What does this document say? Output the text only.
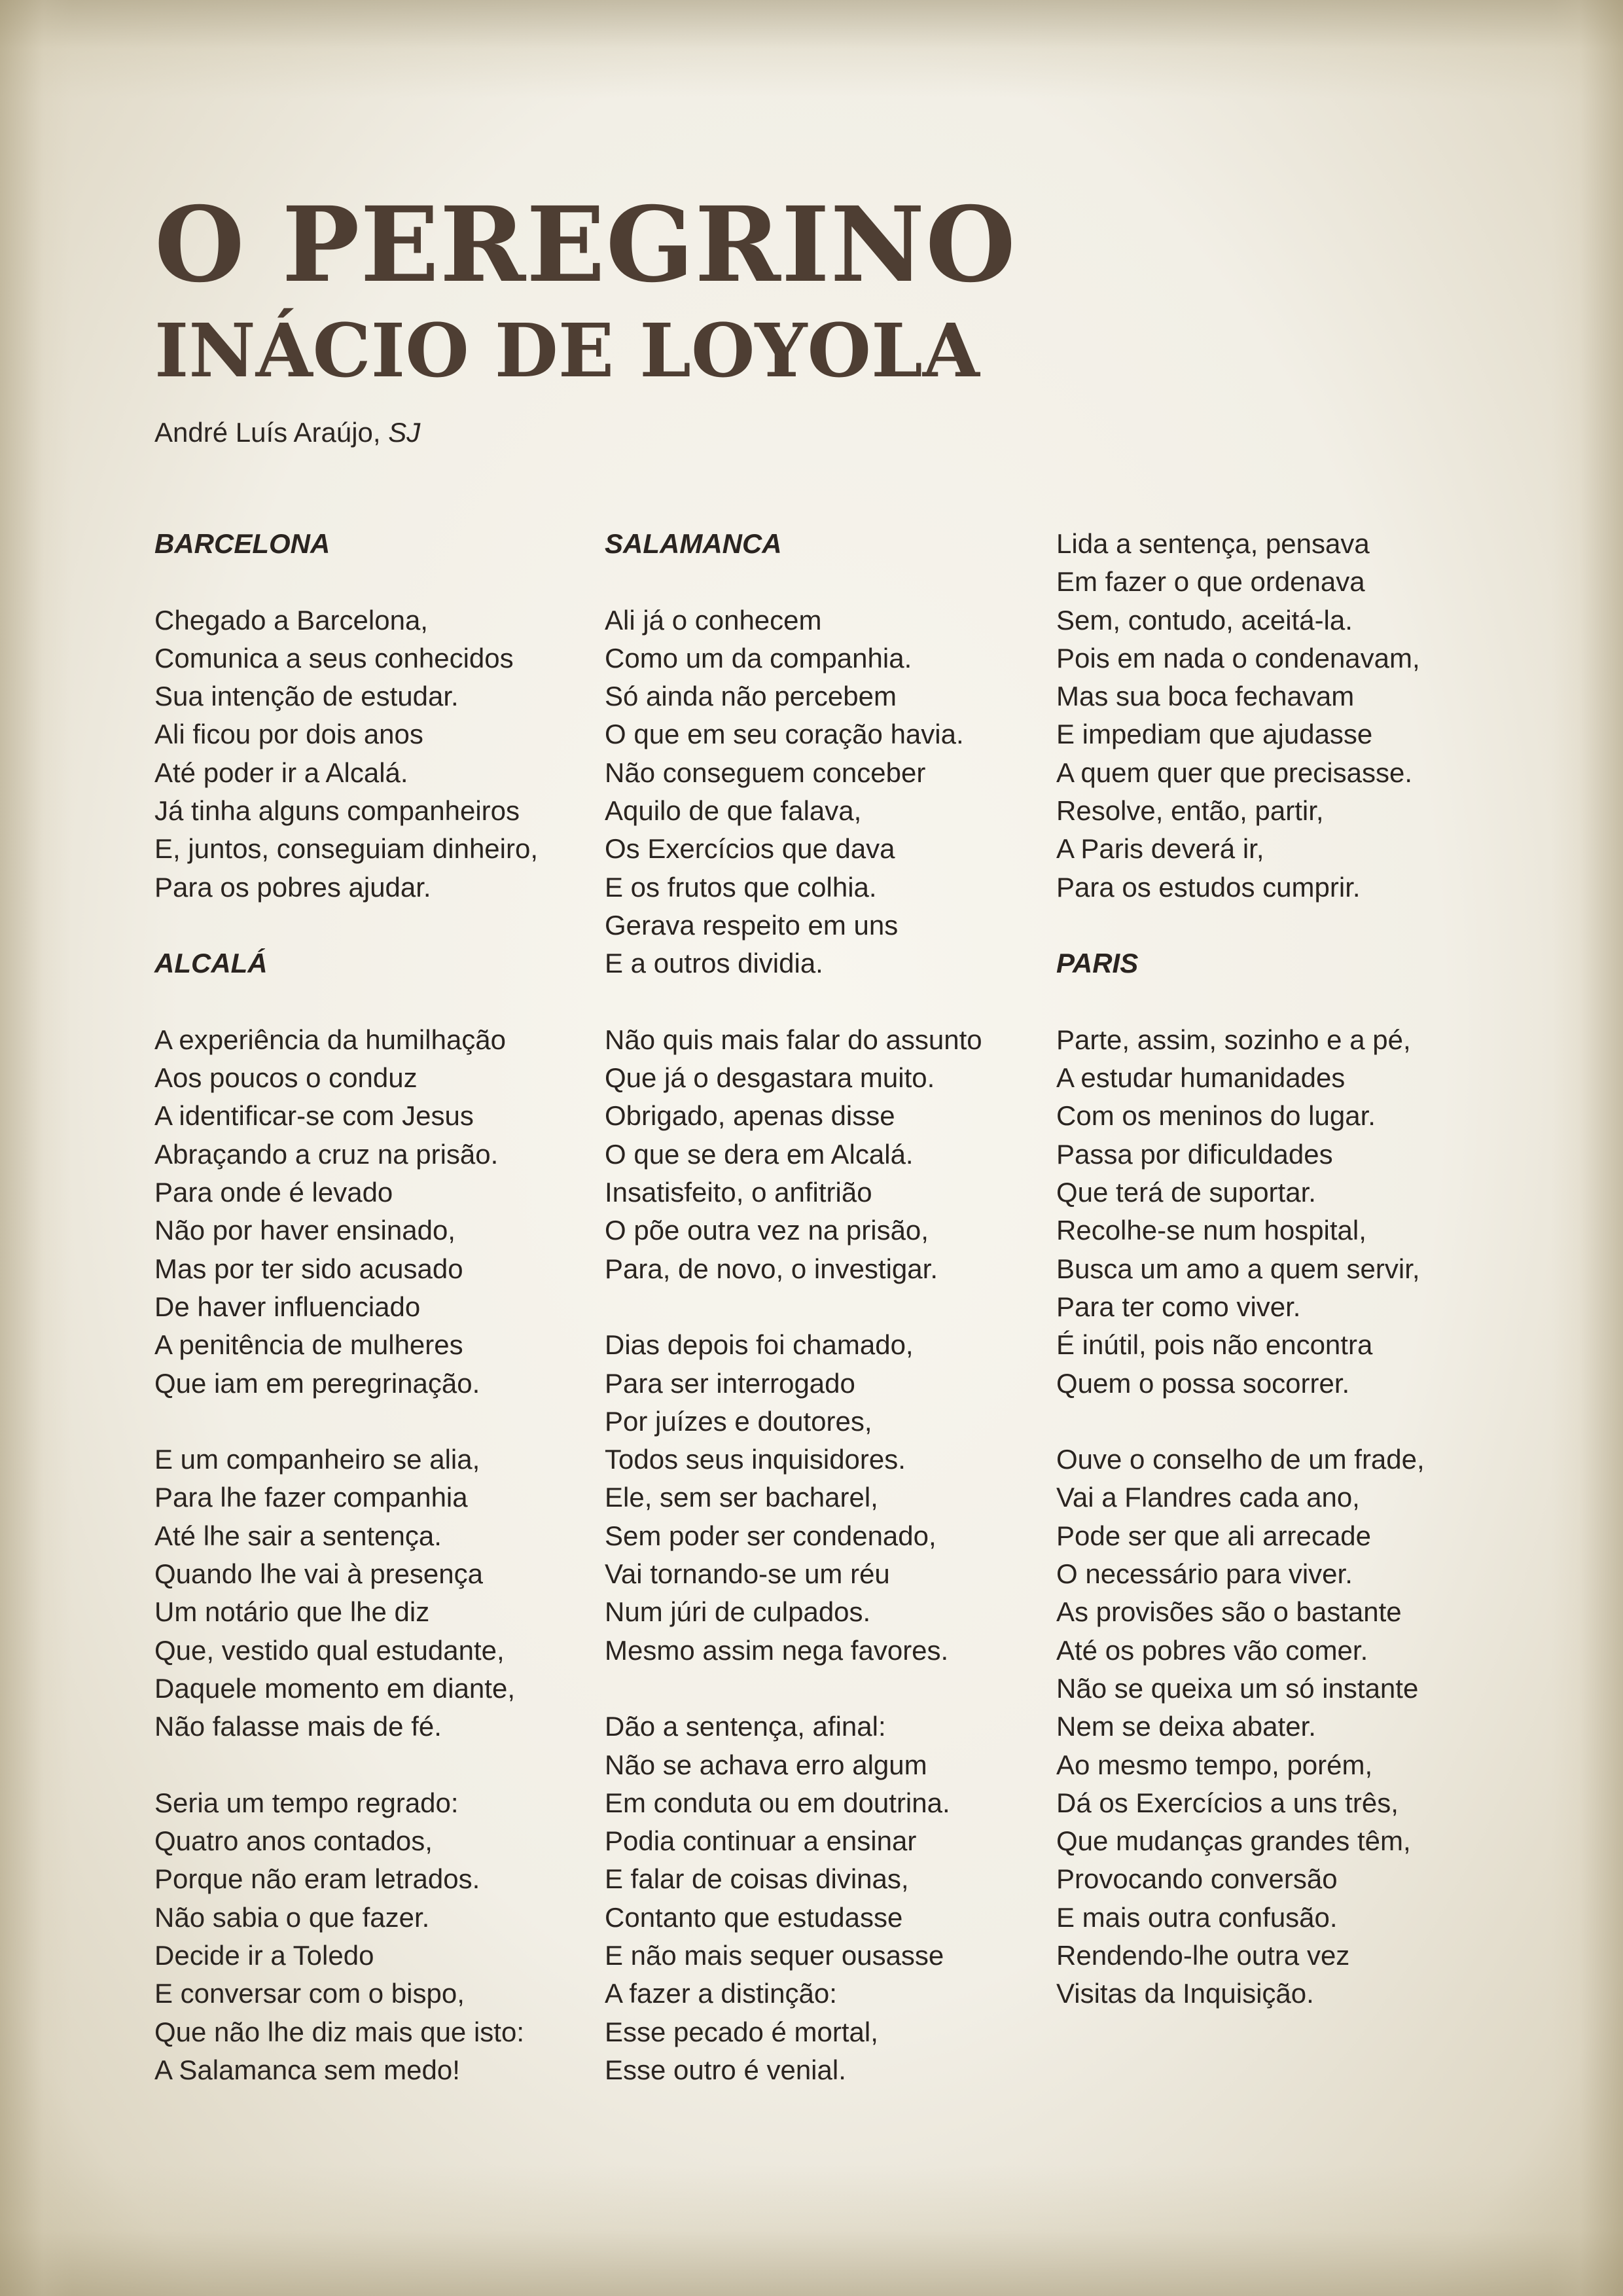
O PEREGRINO
INÁCIO DE LOYOLA
André Luís Araújo, SJ
BARCELONA
Chegado a Barcelona,
Comunica a seus conhecidos
Sua intenção de estudar.
Ali ficou por dois anos
Até poder ir a Alcalá.
Já tinha alguns companheiros
E, juntos, conseguiam dinheiro,
Para os pobres ajudar.
ALCALÁ
A experiência da humilhação
Aos poucos o conduz
A identificar-se com Jesus
Abraçando a cruz na prisão.
Para onde é levado
Não por haver ensinado,
Mas por ter sido acusado
De haver influenciado
A penitência de mulheres
Que iam em peregrinação.
E um companheiro se alia,
Para lhe fazer companhia
Até lhe sair a sentença.
Quando lhe vai à presença
Um notário que lhe diz
Que, vestido qual estudante,
Daquele momento em diante,
Não falasse mais de fé.
Seria um tempo regrado:
Quatro anos contados,
Porque não eram letrados.
Não sabia o que fazer.
Decide ir a Toledo
E conversar com o bispo,
Que não lhe diz mais que isto:
A Salamanca sem medo!
SALAMANCA
Ali já o conhecem
Como um da companhia.
Só ainda não percebem
O que em seu coração havia.
Não conseguem conceber
Aquilo de que falava,
Os Exercícios que dava
E os frutos que colhia.
Gerava respeito em uns
E a outros dividia.
Não quis mais falar do assunto
Que já o desgastara muito.
Obrigado, apenas disse
O que se dera em Alcalá.
Insatisfeito, o anfitrião
O põe outra vez na prisão,
Para, de novo, o investigar.
Dias depois foi chamado,
Para ser interrogado
Por juízes e doutores,
Todos seus inquisidores.
Ele, sem ser bacharel,
Sem poder ser condenado,
Vai tornando-se um réu
Num júri de culpados.
Mesmo assim nega favores.
Dão a sentença, afinal:
Não se achava erro algum
Em conduta ou em doutrina.
Podia continuar a ensinar
E falar de coisas divinas,
Contanto que estudasse
E não mais sequer ousasse
A fazer a distinção:
Esse pecado é mortal,
Esse outro é venial.
Lida a sentença, pensava
Em fazer o que ordenava
Sem, contudo, aceitá-la.
Pois em nada o condenavam,
Mas sua boca fechavam
E impediam que ajudasse
A quem quer que precisasse.
Resolve, então, partir,
A Paris deverá ir,
Para os estudos cumprir.
PARIS
Parte, assim, sozinho e a pé,
A estudar humanidades
Com os meninos do lugar.
Passa por dificuldades
Que terá de suportar.
Recolhe-se num hospital,
Busca um amo a quem servir,
Para ter como viver.
É inútil, pois não encontra
Quem o possa socorrer.
Ouve o conselho de um frade,
Vai a Flandres cada ano,
Pode ser que ali arrecade
O necessário para viver.
As provisões são o bastante
Até os pobres vão comer.
Não se queixa um só instante
Nem se deixa abater.
Ao mesmo tempo, porém,
Dá os Exercícios a uns três,
Que mudanças grandes têm,
Provocando conversão
E mais outra confusão.
Rendendo-lhe outra vez
Visitas da Inquisição.
